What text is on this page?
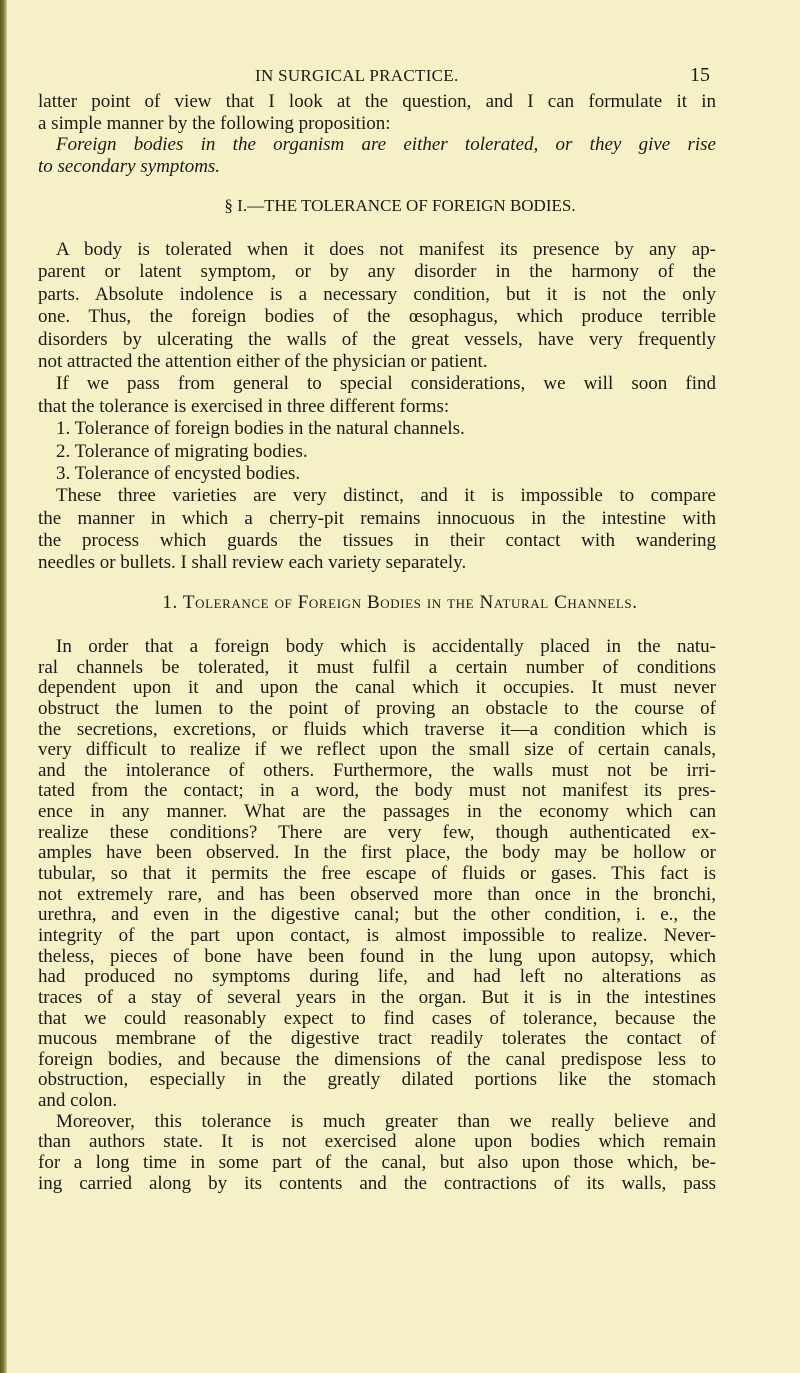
IN SURGICAL PRACTICE.	15
latter point of view that I look at the question, and I can formulate it in
a simple manner by the following proposition:
Foreign bodies in the organism are either tolerated, or they give rise
to secondary symptoms.
§ I.—THE TOLERANCE OF FOREIGN BODIES.
A body is tolerated when it does not manifest its presence by any ap-
parent or latent symptom, or by any disorder in the harmony of the
parts. Absolute indolence is a necessary condition, but it is not the only
one. Thus, the foreign bodies of the œsophagus, which produce terrible
disorders by ulcerating the walls of the great vessels, have very frequently
not attracted the attention either of the physician or patient.
If we pass from general to special considerations, we will soon find
that the tolerance is exercised in three different forms:
1. Tolerance of foreign bodies in the natural channels.
2. Tolerance of migrating bodies.
3. Tolerance of encysted bodies.
These three varieties are very distinct, and it is impossible to compare
the manner in which a cherry-pit remains innocuous in the intestine with
the process which guards the tissues in their contact with wandering
needles or bullets. I shall review each variety separately.
1. Tolerance of Foreign Bodies in the Natural Channels.
In order that a foreign body which is accidentally placed in the natu-
ral channels be tolerated, it must fulfil a certain number of conditions
dependent upon it and upon the canal which it occupies. It must never
obstruct the lumen to the point of proving an obstacle to the course of
the secretions, excretions, or fluids which traverse it—a condition which is
very difficult to realize if we reflect upon the small size of certain canals,
and the intolerance of others. Furthermore, the walls must not be irri-
tated from the contact; in a word, the body must not manifest its pres-
ence in any manner. What are the passages in the economy which can
realize these conditions? There are very few, though authenticated ex-
amples have been observed. In the first place, the body may be hollow or
tubular, so that it permits the free escape of fluids or gases. This fact is
not extremely rare, and has been observed more than once in the bronchi,
urethra, and even in the digestive canal; but the other condition, i. e., the
integrity of the part upon contact, is almost impossible to realize. Never-
theless, pieces of bone have been found in the lung upon autopsy, which
had produced no symptoms during life, and had left no alterations as
traces of a stay of several years in the organ. But it is in the intestines
that we could reasonably expect to find cases of tolerance, because the
mucous membrane of the digestive tract readily tolerates the contact of
foreign bodies, and because the dimensions of the canal predispose less to
obstruction, especially in the greatly dilated portions like the stomach
and colon.
Moreover, this tolerance is much greater than we really believe and
than authors state. It is not exercised alone upon bodies which remain
for a long time in some part of the canal, but also upon those which, be-
ing carried along by its contents and the contractions of its walls, pass
